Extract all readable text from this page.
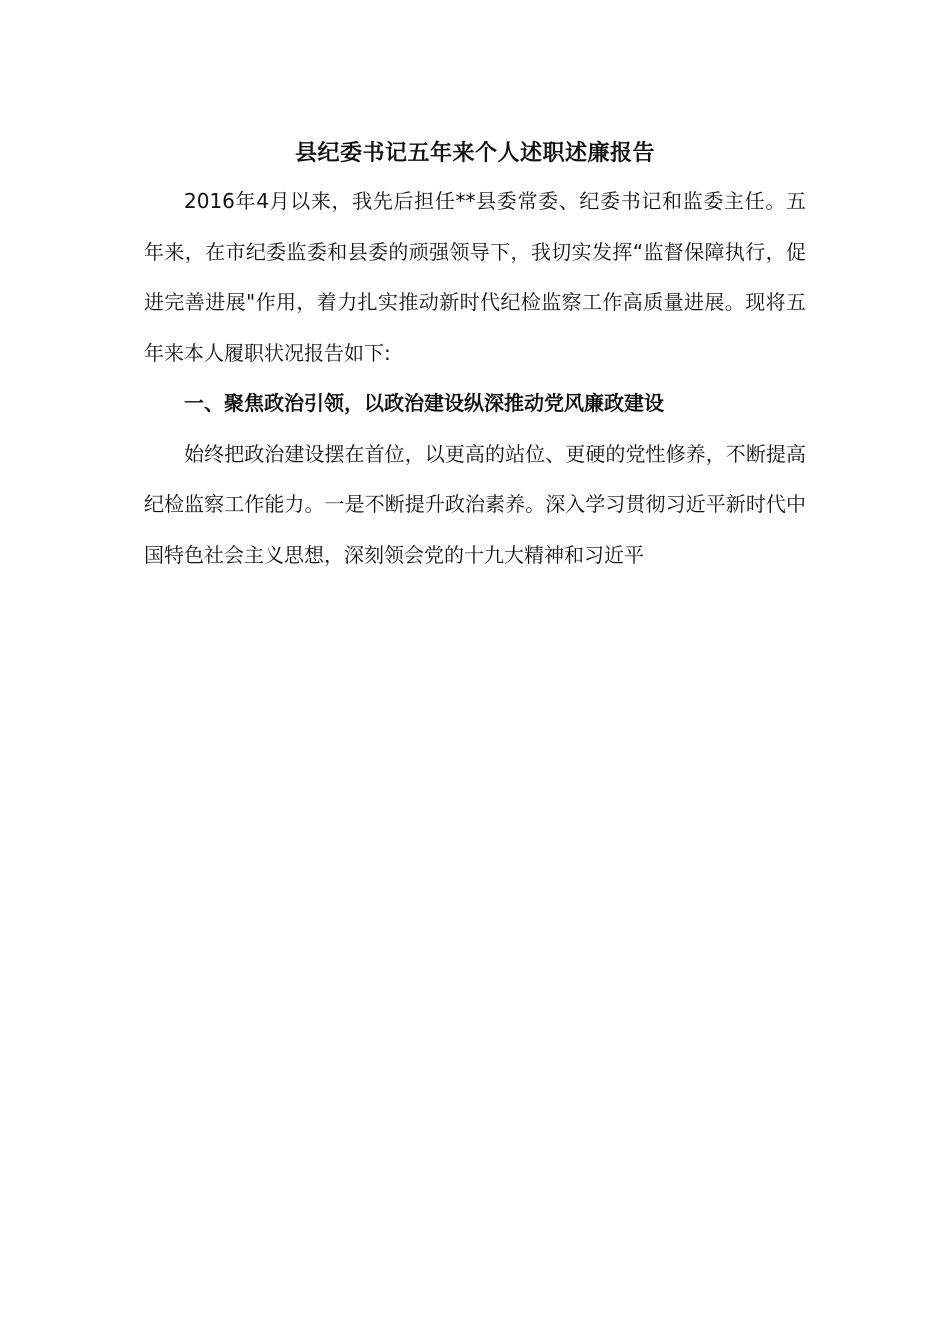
县纪委书记五年来个人述职述廉报告

2016年4月以来，我先后担任**县委常委、纪委书记和监委主任。五年来，在市纪委监委和县委的顽强领导下，我切实发挥“监督保障执行，促进完善进展"作用，着力扎实推动新时代纪检监察工作高质量进展。现将五年来本人履职状况报告如下:

一、聚焦政治引领，以政治建设纵深推动党风廉政建设

始终把政治建设摆在首位，以更高的站位、更硬的党性修养，不断提高纪检监察工作能力。一是不断提升政治素养。深入学习贯彻习近平新时代中国特色社会主义思想，深刻领会党的十九大精神和习近平
